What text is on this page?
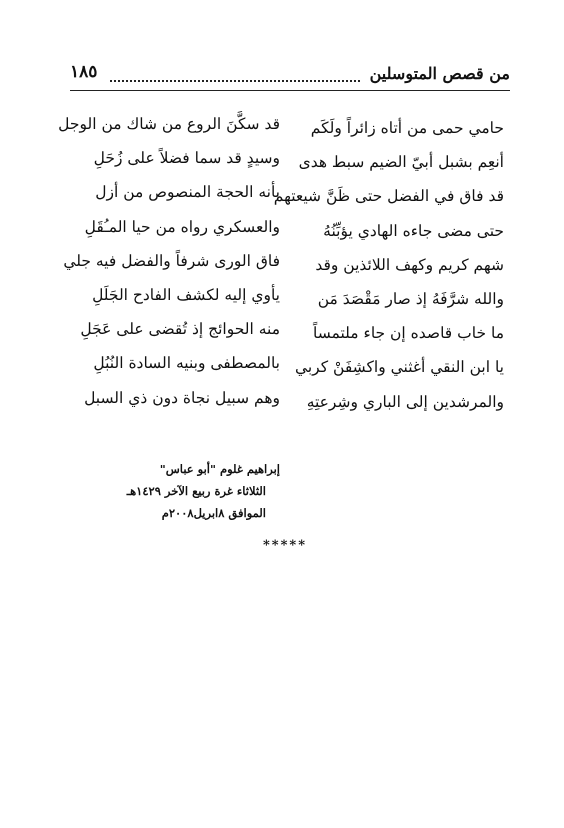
من قصص المتوسلين
١٨٥
حامي حمى من أتاه زائراً ولَكَم
أنعِم بشبل أبيّ الضيم سبط هدى
قد فاق في الفضل حتى ظَنَّ شيعتهم
حتى مضى جاءه الهادي يؤبِّنُهُ
شهم كريم وكهف اللائذين وقد
والله شرَّفَهُ إذ صار مَقْصَدَ مَن
ما خاب قاصده إن جاء ملتمساً
يا ابن النقي أغثني واكشِفَنْ كربي
والمرشدين إلى الباري وشِرعتِهِ
قد سكَّنَ الروع من شاك من الوجل
وسيدٍ قد سما فضلاً على زُحَلِ
بأنه الحجة المنصوص من أزل
والعسكري رواه من حيا المـُقَلِ
فاق الورى شرفاً والفضل فيه جلي
يأوي إليه لكشف الفادح الجَلَلِ
منه الحوائج إذ تُقضى على عَجَلِ
بالمصطفى وبنيه السادة النُبُلِ
وهم سبيل نجاة دون ذي السبل
إبراهيم غلوم "أبو عباس"
الثلاثاء غرة ربيع الآخر ١٤٢٩هـ
الموافق ٨ابريل٢٠٠٨م
*****
